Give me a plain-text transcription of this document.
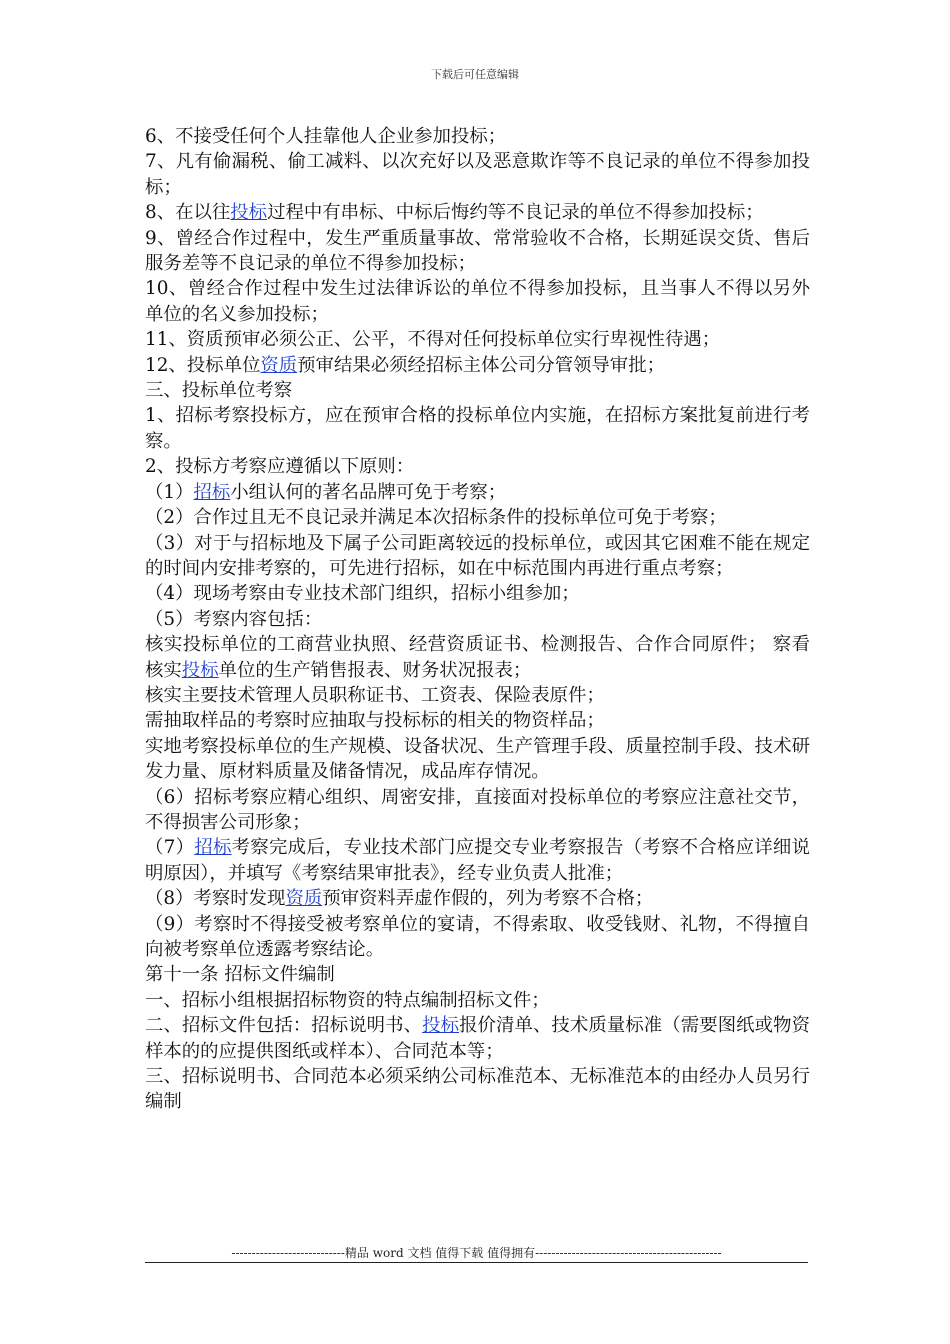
下载后可任意编辑

6、不接受任何个人挂靠他人企业参加投标；

7、凡有偷漏税、偷工减料、以次充好以及恶意欺诈等不良记录的单位不得参加投标；

8、在以往投标过程中有串标、中标后悔约等不良记录的单位不得参加投标；

9、曾经合作过程中，发生严重质量事故、常常验收不合格，长期延误交货、售后服务差等不良记录的单位不得参加投标；

10、曾经合作过程中发生过法律诉讼的单位不得参加投标，且当事人不得以另外单位的名义参加投标；

11、资质预审必须公正、公平，不得对任何投标单位实行卑视性待遇；

12、投标单位资质预审结果必须经招标主体公司分管领导审批；

三、投标单位考察

1、招标考察投标方，应在预审合格的投标单位内实施，在招标方案批复前进行考察。

2、投标方考察应遵循以下原则：

（1）招标小组认何的著名品牌可免于考察；

（2）合作过且无不良记录并满足本次招标条件的投标单位可免于考察；

（3）对于与招标地及下属子公司距离较远的投标单位，或因其它困难不能在规定的时间内安排考察的，可先进行招标，如在中标范围内再进行重点考察；

（4）现场考察由专业技术部门组织，招标小组参加；

（5）考察内容包括：

核实投标单位的工商营业执照、经营资质证书、检测报告、合作合同原件； 察看核实投标单位的生产销售报表、财务状况报表；

核实主要技术管理人员职称证书、工资表、保险表原件；

需抽取样品的考察时应抽取与投标标的相关的物资样品；

实地考察投标单位的生产规模、设备状况、生产管理手段、质量控制手段、技术研发力量、原材料质量及储备情况，成品库存情况。

（6）招标考察应精心组织、周密安排，直接面对投标单位的考察应注意社交节，不得损害公司形象；

（7）招标考察完成后，专业技术部门应提交专业考察报告（考察不合格应详细说明原因），并填写《考察结果审批表》，经专业负责人批准；

（8）考察时发现资质预审资料弄虚作假的，列为考察不合格；

（9）考察时不得接受被考察单位的宴请，不得索取、收受钱财、礼物，不得擅自向被考察单位透露考察结论。

第十一条 招标文件编制

一、招标小组根据招标物资的特点编制招标文件；

二、招标文件包括：招标说明书、投标报价清单、技术质量标准（需要图纸或物资样本的的应提供图纸或样本）、合同范本等；

三、招标说明书、合同范本必须采纳公司标准范本、无标准范本的由经办人员另行编制

----------------------------精品 word 文档 值得下载 值得拥有----------------------------------------------
